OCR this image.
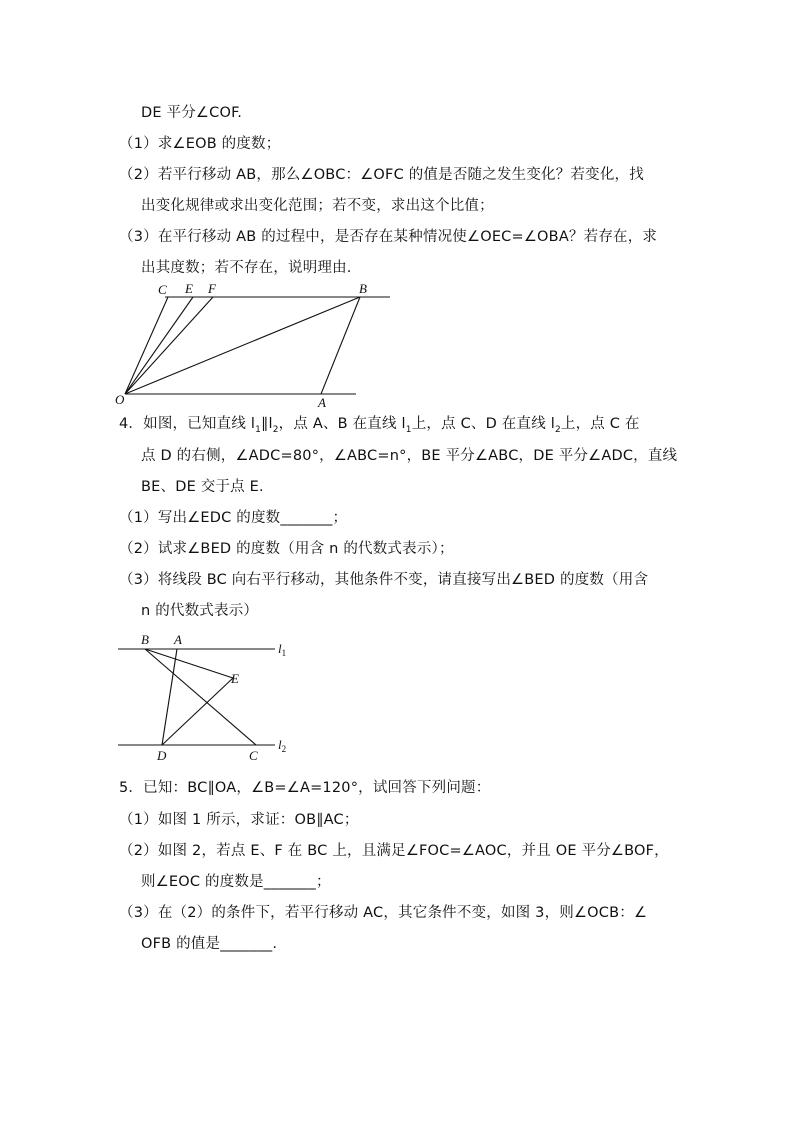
DE 平分∠COF.
（1）求∠EOB 的度数；
（2）若平行移动 AB，那么∠OBC：∠OFC 的值是否随之发生变化？若变化，找
出变化规律或求出变化范围；若不变，求出这个比值；
（3）在平行移动 AB 的过程中，是否存在某种情况使∠OEC=∠OBA？若存在，求
出其度数；若不存在，说明理由.
C E F	B
O	A
4．如图，已知直线 $l_1\parallel l_2$，点 A、B 在直线 $l_1$上，点 C、D 在直线 $l_2$上，点 C 在
点 D 的右侧，∠ADC=80°，∠ABC=n°，BE 平分∠ABC，DE 平分∠ADC，直线
BE、DE 交于点 E.
（1）写出∠EDC 的度数_______；
（2）试求∠BED 的度数（用含 n 的代数式表示）；
（3）将线段 BC 向右平行移动，其他条件不变，请直接写出∠BED 的度数（用含
n 的代数式表示）
B A
E
D	C
$l_1$
$l_2$
5．已知：BC∥OA，∠B=∠A=120°，试回答下列问题：
（1）如图 1 所示，求证：OB∥AC；
（2）如图 2，若点 E、F 在 BC 上，且满足∠FOC=∠AOC，并且 OE 平分∠BOF，
则∠EOC 的度数是_______；
（3）在（2）的条件下，若平行移动 AC，其它条件不变，如图 3，则∠OCB：∠
OFB 的值是_______.
